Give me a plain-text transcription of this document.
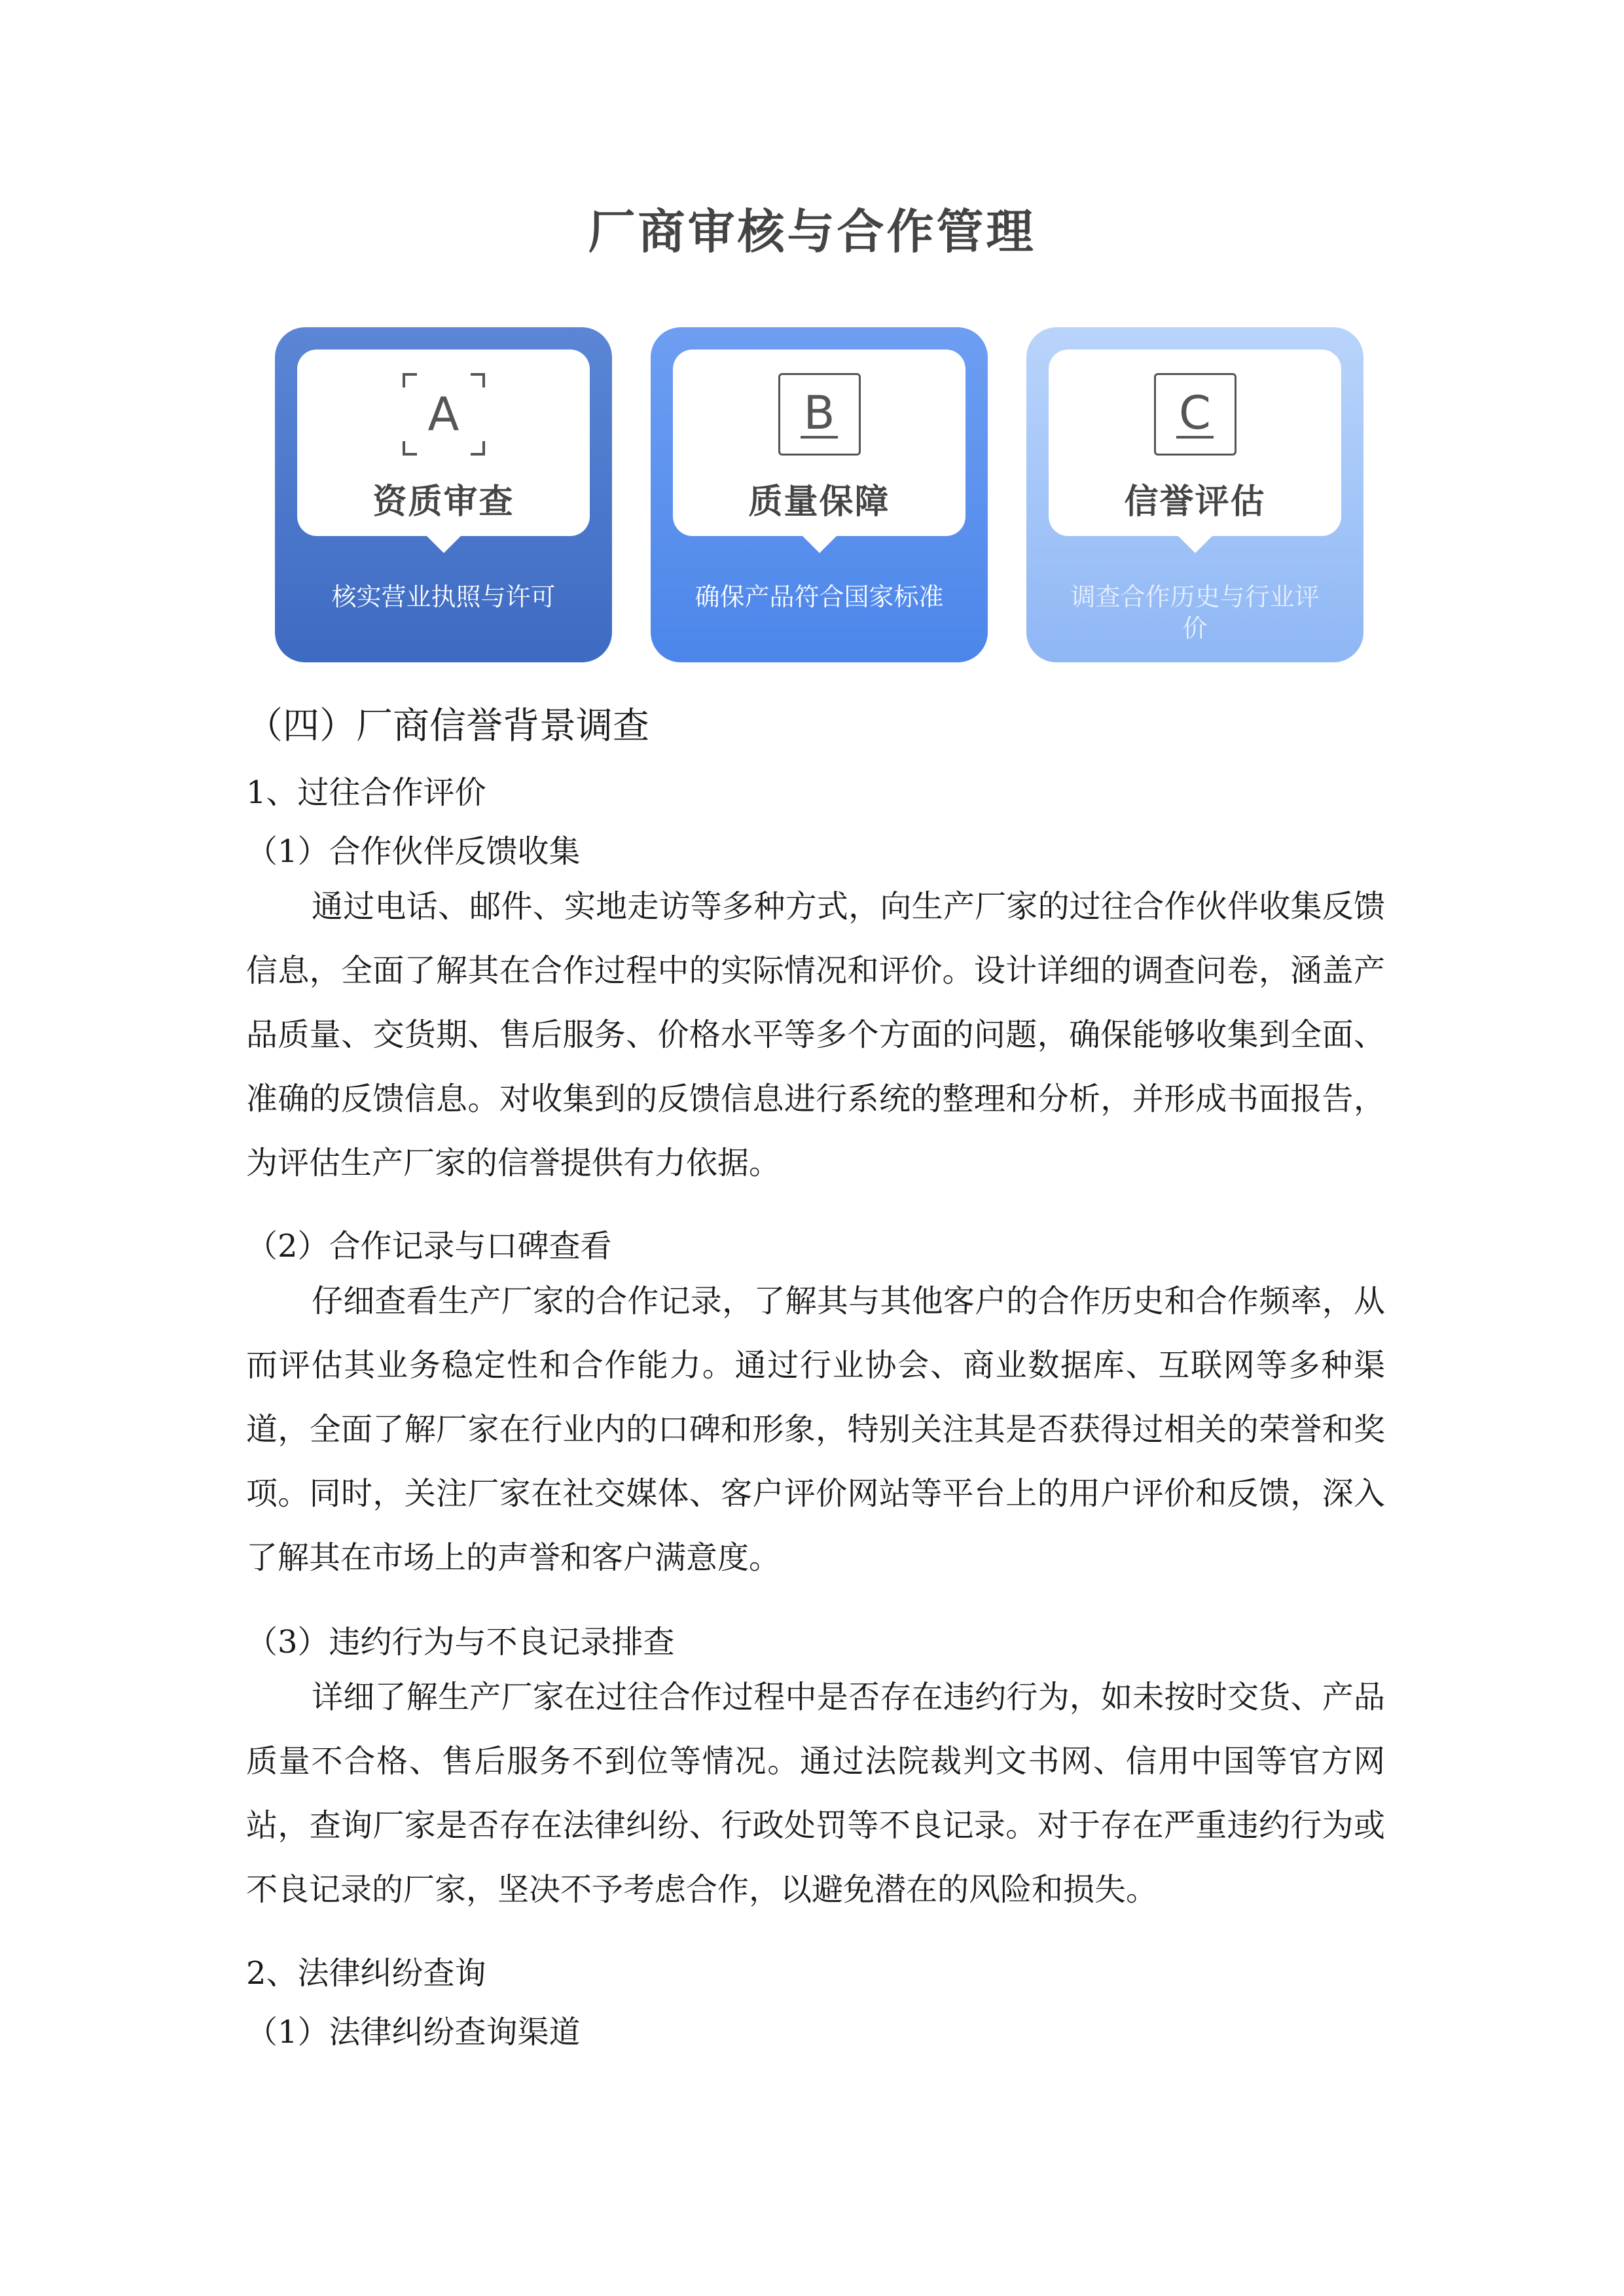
厂商审核与合作管理
A
资质审查
核实营业执照与许可
B
质量保障
确保产品符合国家标准
C
信誉评估
调查合作历史与行业评价
（四）厂商信誉背景调查
1、过往合作评价
（1）合作伙伴反馈收集

通过电话、邮件、实地走访等多种方式，向生产厂家的过往合作伙伴收集反馈信息，全面了解其在合作过程中的实际情况和评价。设计详细的调查问卷，涵盖产品质量、交货期、售后服务、价格水平等多个方面的问题，确保能够收集到全面、准确的反馈信息。对收集到的反馈信息进行系统的整理和分析，并形成书面报告，为评估生产厂家的信誉提供有力依据。

（2）合作记录与口碑查看

仔细查看生产厂家的合作记录，了解其与其他客户的合作历史和合作频率，从而评估其业务稳定性和合作能力。通过行业协会、商业数据库、互联网等多种渠道，全面了解厂家在行业内的口碑和形象，特别关注其是否获得过相关的荣誉和奖项。同时，关注厂家在社交媒体、客户评价网站等平台上的用户评价和反馈，深入了解其在市场上的声誉和客户满意度。

（3）违约行为与不良记录排查

详细了解生产厂家在过往合作过程中是否存在违约行为，如未按时交货、产品质量不合格、售后服务不到位等情况。通过法院裁判文书网、信用中国等官方网站，查询厂家是否存在法律纠纷、行政处罚等不良记录。对于存在严重违约行为或不良记录的厂家，坚决不予考虑合作，以避免潜在的风险和损失。

2、法律纠纷查询
（1）法律纠纷查询渠道
